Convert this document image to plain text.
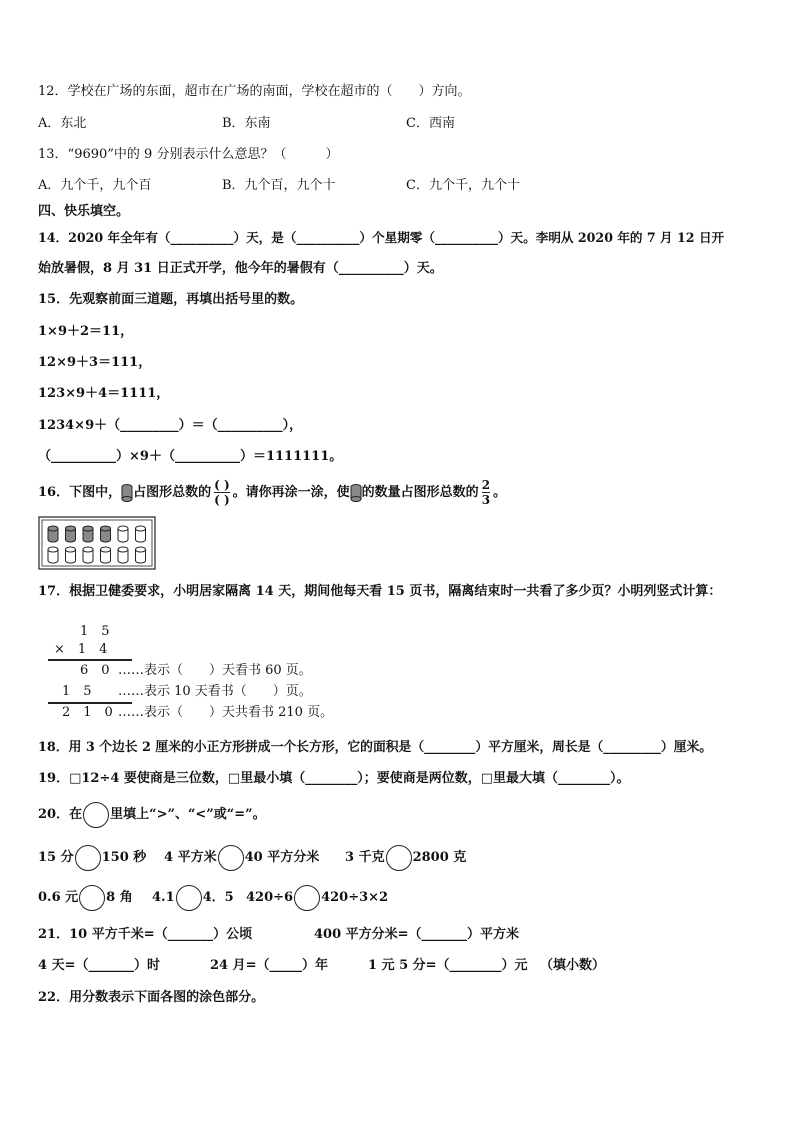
12．学校在广场的东面，超市在广场的南面，学校在超市的（　　）方向。
A．东北	B．东南	C．西南
13．“9690”中的 9 分别表示什么意思？（　　　）
A．九个千，九个百	B．九个百，九个十	C．九个千，九个十
四、快乐填空。
14．2020 年全年有（__________）天，是（__________）个星期零（__________）天。李明从 2020 年的 7 月 12 日开
始放暑假，8 月 31 日正式开学，他今年的暑假有（__________）天。
15．先观察前面三道题，再填出括号里的数。
1×9＋2＝11，
12×9＋3＝111，
123×9＋4＝1111，
1234×9＋（_________）＝（__________），
（__________）×9＋（__________）＝1111111。
16．下图中， 占图形总数的 $\frac{( )}{( )}$ 。请你再涂一涂，使 的数量占图形总数的 $\frac{2}{3}$ 。
17．根据卫健委要求，小明居家隔离 14 天，期间他每天看 15 页书，隔离结束时一共看了多少页？小明列竖式计算：
1　5
×　1　4
6　0 ……表示（　　）天看书 60 页。
1　5 ……表示 10 天看书（　　）页。
2　1　0 ……表示（　　）天共看书 210 页。
18．用 3 个边长 2 厘米的小正方形拼成一个长方形，它的面积是（________）平方厘米，周长是（_________）厘米。
19．□12÷4 要使商是三位数，□里最小填（________）；要使商是两位数，□里最大填（________）。
20．在 里填上“>”、“<”或“=”。
15 分 150 秒 4 平方米 40 平方分米 3 千克 2800 克
0.6 元 8 角 4.1 4．5 420÷6 420÷3×2
21．10 平方千米=（_______）公顷	400 平方分米=（_______）平方米
4 天=（_______）时	24 月=（_____）年	1 元 5 分=（________）元 （填小数）
22．用分数表示下面各图的涂色部分。
